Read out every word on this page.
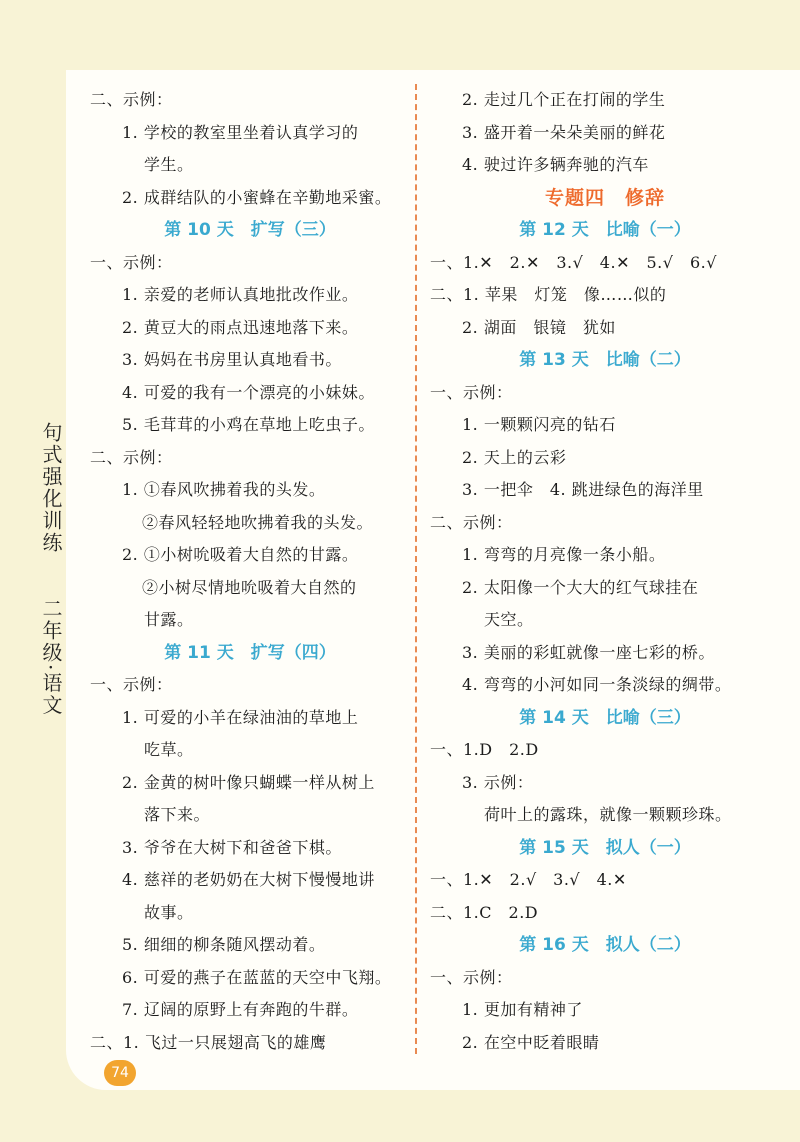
句式强化训练
二年级·语文
二、示例：
1. 学校的教室里坐着认真学习的
学生。
2. 成群结队的小蜜蜂在辛勤地采蜜。
第 10 天　扩写（三）
一、示例：
1. 亲爱的老师认真地批改作业。
2. 黄豆大的雨点迅速地落下来。
3. 妈妈在书房里认真地看书。
4. 可爱的我有一个漂亮的小妹妹。
5. 毛茸茸的小鸡在草地上吃虫子。
二、示例：
1. ①春风吹拂着我的头发。
②春风轻轻地吹拂着我的头发。
2. ①小树吮吸着大自然的甘露。
②小树尽情地吮吸着大自然的
甘露。
第 11 天　扩写（四）
一、示例：
1. 可爱的小羊在绿油油的草地上
吃草。
2. 金黄的树叶像只蝴蝶一样从树上
落下来。
3. 爷爷在大树下和爸爸下棋。
4. 慈祥的老奶奶在大树下慢慢地讲
故事。
5. 细细的柳条随风摆动着。
6. 可爱的燕子在蓝蓝的天空中飞翔。
7. 辽阔的原野上有奔跑的牛群。
二、1. 飞过一只展翅高飞的雄鹰
2. 走过几个正在打闹的学生
3. 盛开着一朵朵美丽的鲜花
4. 驶过许多辆奔驰的汽车
专题四　修辞
第 12 天　比喻（一）
一、1.✕　2.✕　3.√　4.✕　5.√　6.√
二、1. 苹果　灯笼　像……似的
2. 湖面　银镜　犹如
第 13 天　比喻（二）
一、示例：
1. 一颗颗闪亮的钻石
2. 天上的云彩
3. 一把伞　4. 跳进绿色的海洋里
二、示例：
1. 弯弯的月亮像一条小船。
2. 太阳像一个大大的红气球挂在
天空。
3. 美丽的彩虹就像一座七彩的桥。
4. 弯弯的小河如同一条淡绿的绸带。
第 14 天　比喻（三）
一、1.D　2.D
3. 示例：
荷叶上的露珠，就像一颗颗珍珠。
第 15 天　拟人（一）
一、1.✕　2.√　3.√　4.✕
二、1.C　2.D
第 16 天　拟人（二）
一、示例：
1. 更加有精神了
2. 在空中眨着眼睛
74
